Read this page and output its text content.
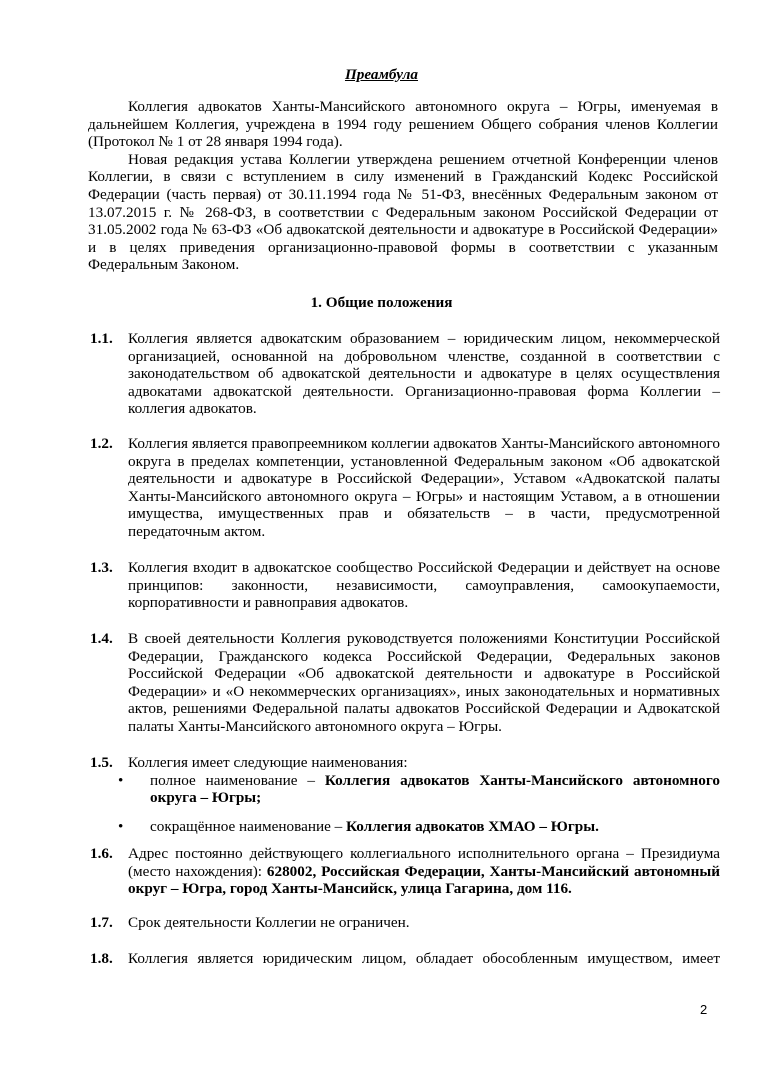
Преамбула

Коллегия адвокатов Ханты-Мансийского автономного округа – Югры, именуемая в дальнейшем Коллегия, учреждена в 1994 году решением Общего собрания членов Коллегии (Протокол № 1 от 28 января 1994 года).

Новая редакция устава Коллегии утверждена решением отчетной Конференции членов Коллегии, в связи с вступлением в силу изменений в Гражданский Кодекс Российской Федерации (часть первая) от 30.11.1994 года № 51-ФЗ, внесённых Федеральным законом от 13.07.2015 г. № 268-ФЗ, в соответствии с Федеральным законом Российской Федерации от 31.05.2002 года № 63-ФЗ «Об адвокатской деятельности и адвокатуре в Российской Федерации» и в целях приведения организационно-правовой формы в соответствии с указанным Федеральным Законом.

1. Общие положения
1.1. Коллегия является адвокатским образованием – юридическим лицом, некоммерческой организацией, основанной на добровольном членстве, созданной в соответствии с законодательством об адвокатской деятельности и адвокатуре в целях осуществления адвокатами адвокатской деятельности. Организационно-правовая форма Коллегии – коллегия адвокатов.
1.2. Коллегия является правопреемником коллегии адвокатов Ханты-Мансийского автономного округа в пределах компетенции, установленной Федеральным законом «Об адвокатской деятельности и адвокатуре в Российской Федерации», Уставом «Адвокатской палаты Ханты-Мансийского автономного округа – Югры» и настоящим Уставом, а в отношении имущества, имущественных прав и обязательств – в части, предусмотренной передаточным актом.
1.3. Коллегия входит в адвокатское сообщество Российской Федерации и действует на основе принципов: законности, независимости, самоуправления, самоокупаемости, корпоративности и равноправия адвокатов.
1.4. В своей деятельности Коллегия руководствуется положениями Конституции Российской Федерации, Гражданского кодекса Российской Федерации, Федеральных законов Российской Федерации «Об адвокатской деятельности и адвокатуре в Российской Федерации» и «О некоммерческих организациях», иных законодательных и нормативных актов, решениями Федеральной палаты адвокатов Российской Федерации и Адвокатской палаты Ханты-Мансийского автономного округа – Югры.
1.5. Коллегия имеет следующие наименования:

• полное наименование – Коллегия адвокатов Ханты-Мансийского автономного округа – Югры;
• сокращённое наименование – Коллегия адвокатов ХМАО – Югры.
1.6. Адрес постоянно действующего коллегиального исполнительного органа – Президиума (место нахождения): 628002, Российская Федерации, Ханты-Мансийский автономный округ – Югра, город Ханты-Мансийск, улица Гагарина, дом 116.
1.7. Срок деятельности Коллегии не ограничен.
1.8. Коллегия является юридическим лицом, обладает обособленным имуществом, имеет
2
